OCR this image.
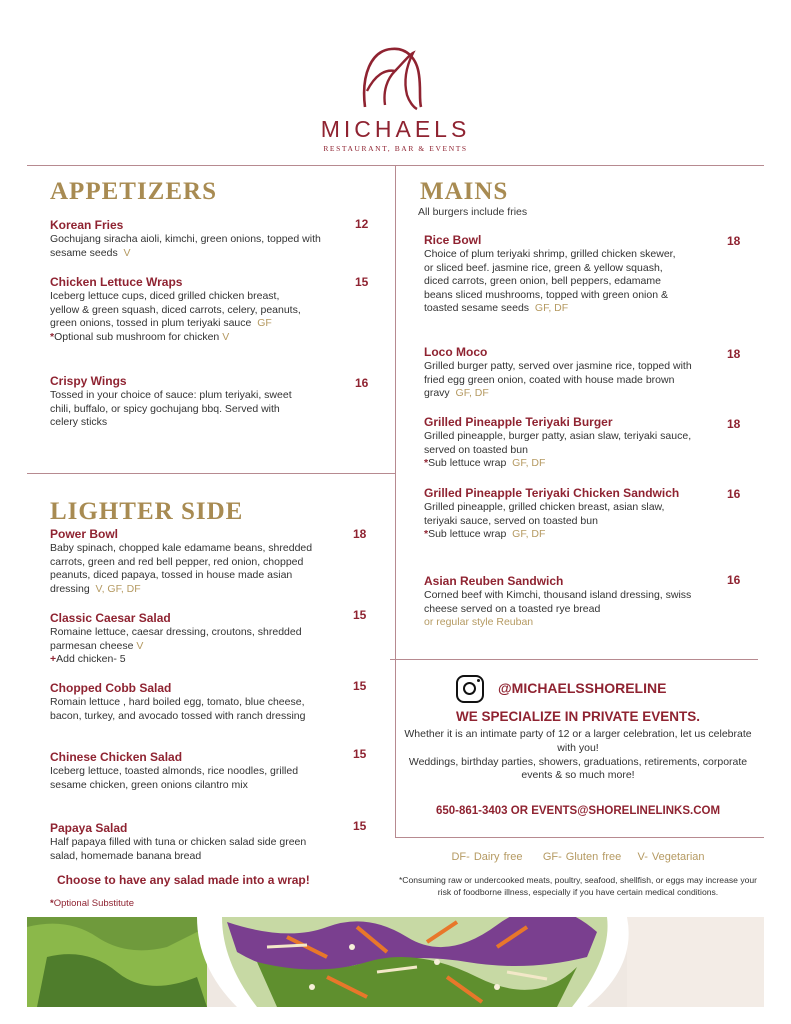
MICHAELS
RESTAURANT, BAR & EVENTS
APPETIZERS
Korean Fries
Gochujang siracha aioli, kimchi, green onions, topped with sesame seeds V
12
Chicken Lettuce Wraps
Iceberg lettuce cups, diced grilled chicken breast, yellow & green squash, diced carrots, celery, peanuts, green onions, tossed in plum teriyaki sauce GF
*Optional sub mushroom for chicken V
15
Crispy Wings
Tossed in your choice of sauce: plum teriyaki, sweet chili, buffalo, or spicy gochujang bbq. Served with celery sticks
16
LIGHTER SIDE
Power Bowl
Baby spinach, chopped kale edamame beans, shredded carrots, green and red bell pepper, red onion, chopped peanuts, diced papaya, tossed in house made asian dressing V, GF, DF
18
Classic Caesar Salad
Romaine lettuce, caesar dressing, croutons, shredded parmesan cheese V
+Add chicken- 5
15
Chopped Cobb Salad
Romain lettuce , hard boiled egg, tomato, blue cheese, bacon, turkey, and avocado tossed with ranch dressing
15
Chinese Chicken Salad
Iceberg lettuce, toasted almonds, rice noodles, grilled sesame chicken, green onions cilantro mix
15
Papaya Salad
Half papaya filled with tuna or chicken salad side green salad, homemade banana bread
15
Choose to have any salad made into a wrap!
*Optional Substitute
MAINS
All burgers include fries
Rice Bowl
Choice of plum teriyaki shrimp, grilled chicken skewer, or sliced beef. jasmine rice, green & yellow squash, diced carrots, green onion, bell peppers, edamame beans sliced mushrooms, topped with green onion & toasted sesame seeds GF, DF
18
Loco Moco
Grilled burger patty, served over jasmine rice, topped with fried egg green onion, coated with house made brown gravy GF, DF
18
Grilled Pineapple Teriyaki Burger
Grilled pineapple, burger patty, asian slaw, teriyaki sauce, served on toasted bun
*Sub lettuce wrap GF, DF
18
Grilled Pineapple Teriyaki Chicken Sandwich
Grilled pineapple, grilled chicken breast, asian slaw, teriyaki sauce, served on toasted bun
*Sub lettuce wrap GF, DF
16
Asian Reuben Sandwich
Corned beef with Kimchi, thousand island dressing, swiss cheese served on a toasted rye bread
or regular style Reuban
16
@MICHAELSSHORELINE
WE SPECIALIZE IN PRIVATE EVENTS.
Whether it is an intimate party of 12 or a larger celebration, let us celebrate with you!
Weddings, birthday parties, showers, graduations, retirements, corporate events & so much more!
650-861-3403 OR EVENTS@SHORELINELINKS.COM
DF- Dairy free GF- Gluten free V- Vegetarian
*Consuming raw or undercooked meats, poultry, seafood, shellfish, or eggs may increase your risk of foodborne illness, especially if you have certain medical conditions.
